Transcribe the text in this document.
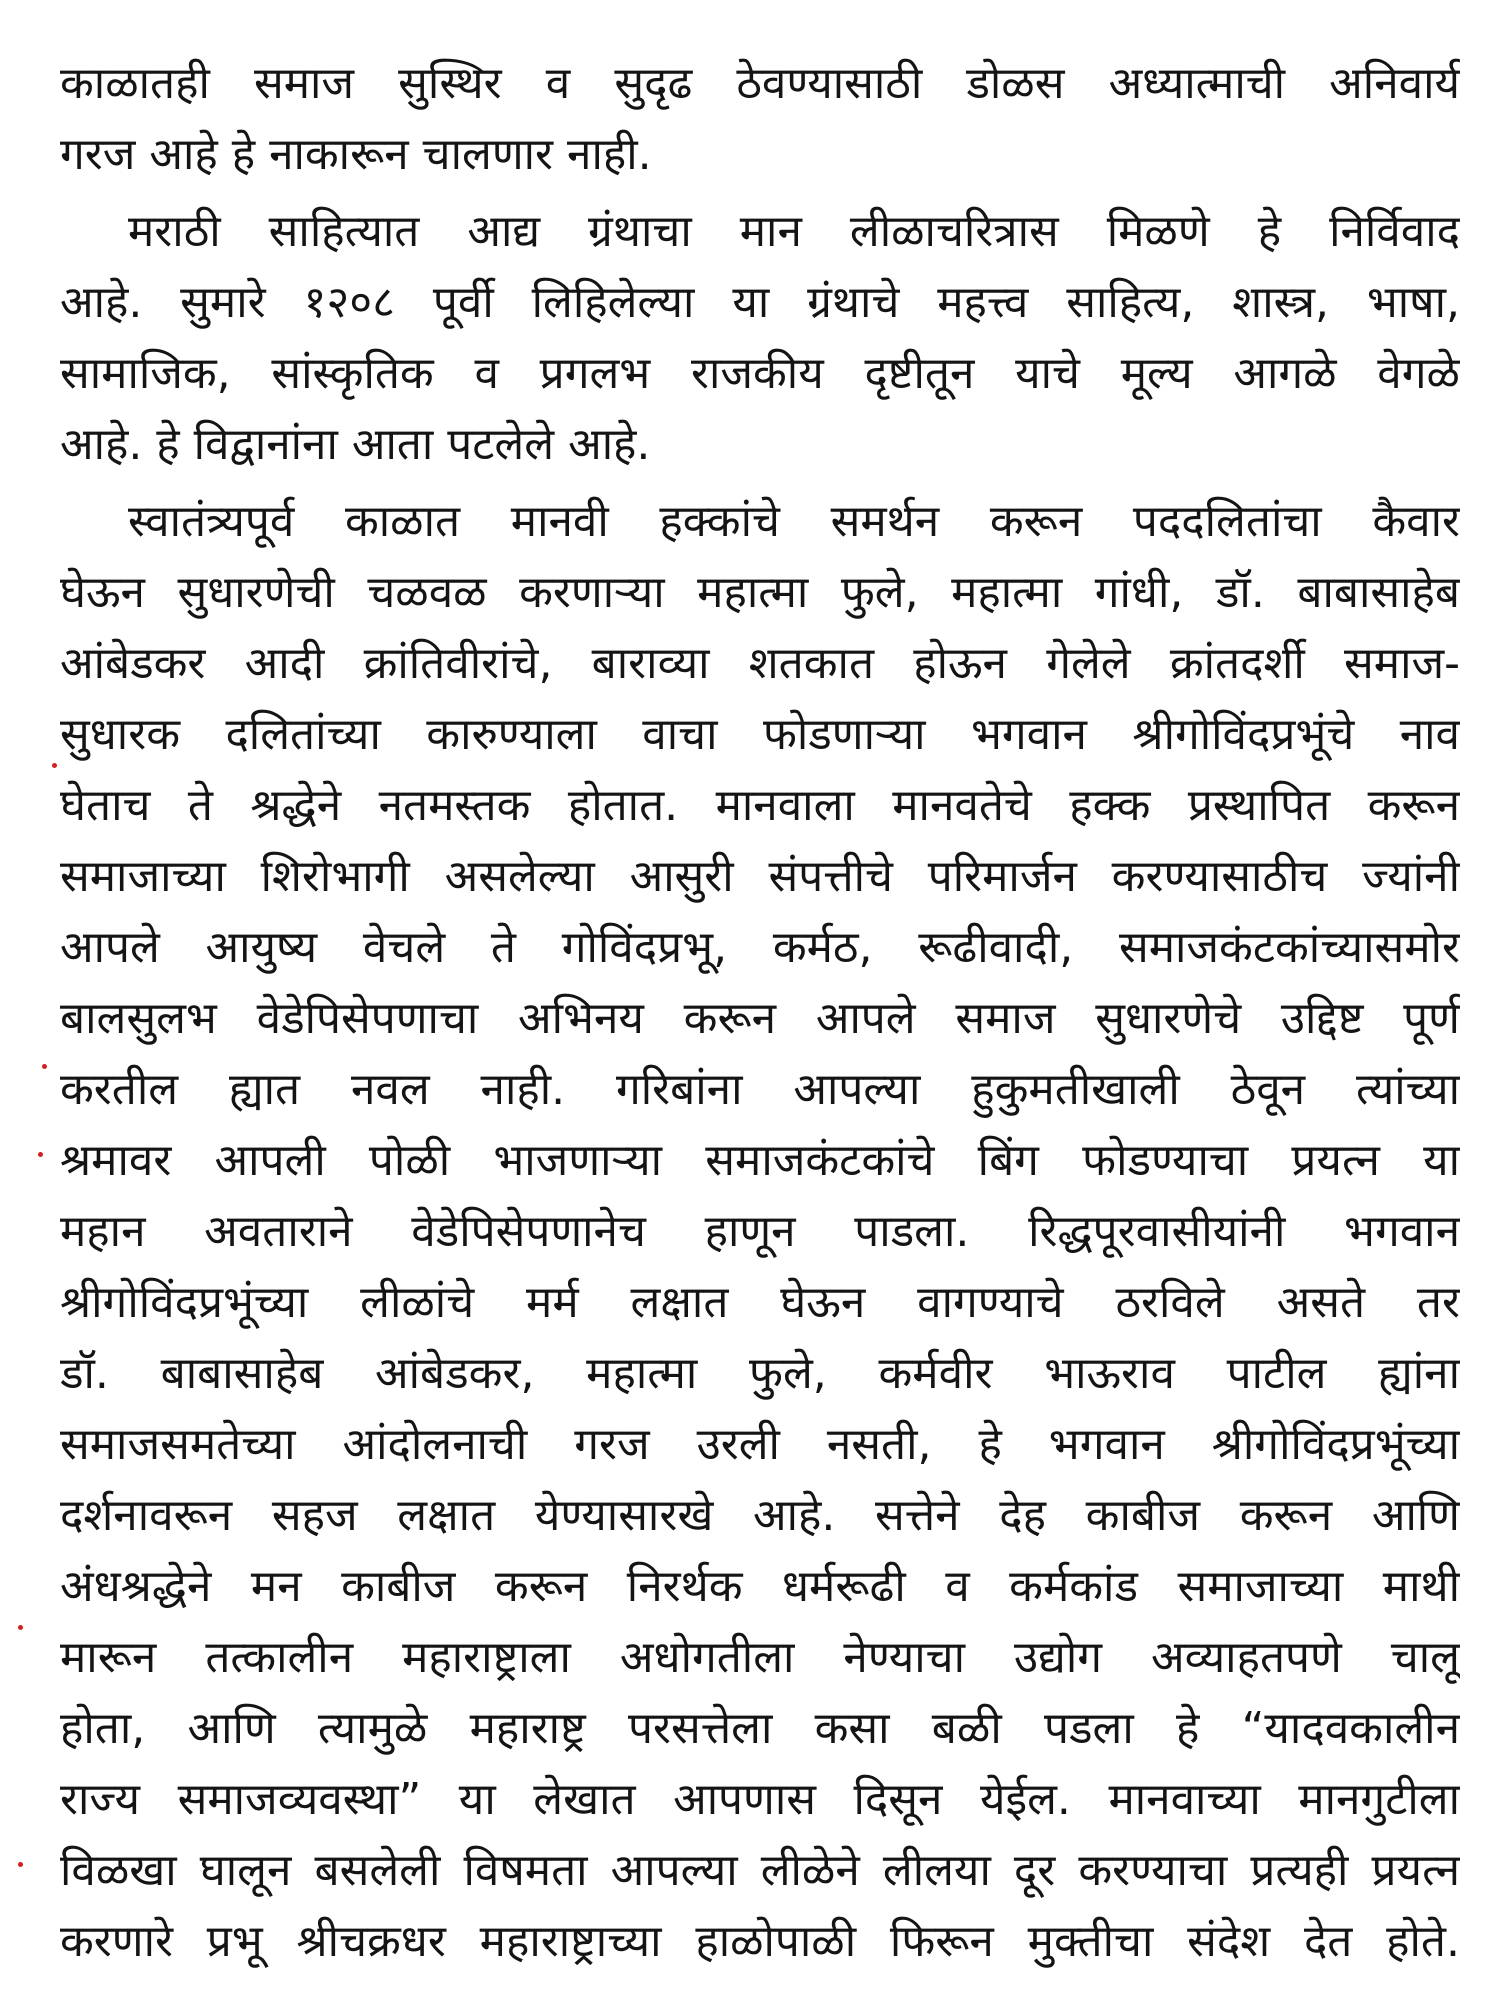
काळातही समाज सुस्थिर व सुदृढ ठेवण्यासाठी डोळस अध्यात्माची अनिवार्य
गरज आहे हे नाकारून चालणार नाही.
मराठी साहित्यात आद्य ग्रंथाचा मान लीळाचरित्रास मिळणे हे निर्विवाद
आहे. सुमारे १२०८ पूर्वी लिहिलेल्या या ग्रंथाचे महत्त्व साहित्य, शास्त्र, भाषा,
सामाजिक, सांस्कृतिक व प्रगलभ राजकीय दृष्टीतून याचे मूल्य आगळे वेगळे
आहे. हे विद्वानांना आता पटलेले आहे.
स्वातंत्र्यपूर्व काळात मानवी हक्कांचे समर्थन करून पददलितांचा कैवार
घेऊन सुधारणेची चळवळ करणाऱ्या महात्मा फुले, महात्मा गांधी, डॉ. बाबासाहेब
आंबेडकर आदी क्रांतिवीरांचे, बाराव्या शतकात होऊन गेलेले क्रांतदर्शी समाज-
सुधारक दलितांच्या कारुण्याला वाचा फोडणाऱ्या भगवान श्रीगोविंदप्रभूंचे नाव
घेताच ते श्रद्धेने नतमस्तक होतात. मानवाला मानवतेचे हक्क प्रस्थापित करून
समाजाच्या शिरोभागी असलेल्या आसुरी संपत्तीचे परिमार्जन करण्यासाठीच ज्यांनी
आपले आयुष्य वेचले ते गोविंदप्रभू, कर्मठ, रूढीवादी, समाजकंटकांच्यासमोर
बालसुलभ वेडेपिसेपणाचा अभिनय करून आपले समाज सुधारणेचे उद्दिष्ट पूर्ण
करतील ह्यात नवल नाही. गरिबांना आपल्या हुकुमतीखाली ठेवून त्यांच्या
श्रमावर आपली पोळी भाजणाऱ्या समाजकंटकांचे बिंग फोडण्याचा प्रयत्न या
महान अवताराने वेडेपिसेपणानेच हाणून पाडला. रिद्धपूरवासीयांनी भगवान
श्रीगोविंदप्रभूंच्या लीळांचे मर्म लक्षात घेऊन वागण्याचे ठरविले असते तर
डॉ. बाबासाहेब आंबेडकर, महात्मा फुले, कर्मवीर भाऊराव पाटील ह्यांना
समाजसमतेच्या आंदोलनाची गरज उरली नसती, हे भगवान श्रीगोविंदप्रभूंच्या
दर्शनावरून सहज लक्षात येण्यासारखे आहे. सत्तेने देह काबीज करून आणि
अंधश्रद्धेने मन काबीज करून निरर्थक धर्मरूढी व कर्मकांड समाजाच्या माथी
मारून तत्कालीन महाराष्ट्राला अधोगतीला नेण्याचा उद्योग अव्याहतपणे चालू
होता, आणि त्यामुळे महाराष्ट्र परसत्तेला कसा बळी पडला हे “यादवकालीन
राज्य समाजव्यवस्था” या लेखात आपणास दिसून येईल. मानवाच्या मानगुटीला
विळखा घालून बसलेली विषमता आपल्या लीळेने लीलया दूर करण्याचा प्रत्यही प्रयत्न
करणारे प्रभू श्रीचक्रधर महाराष्ट्राच्या हाळोपाळी फिरून मुक्तीचा संदेश देत होते.
